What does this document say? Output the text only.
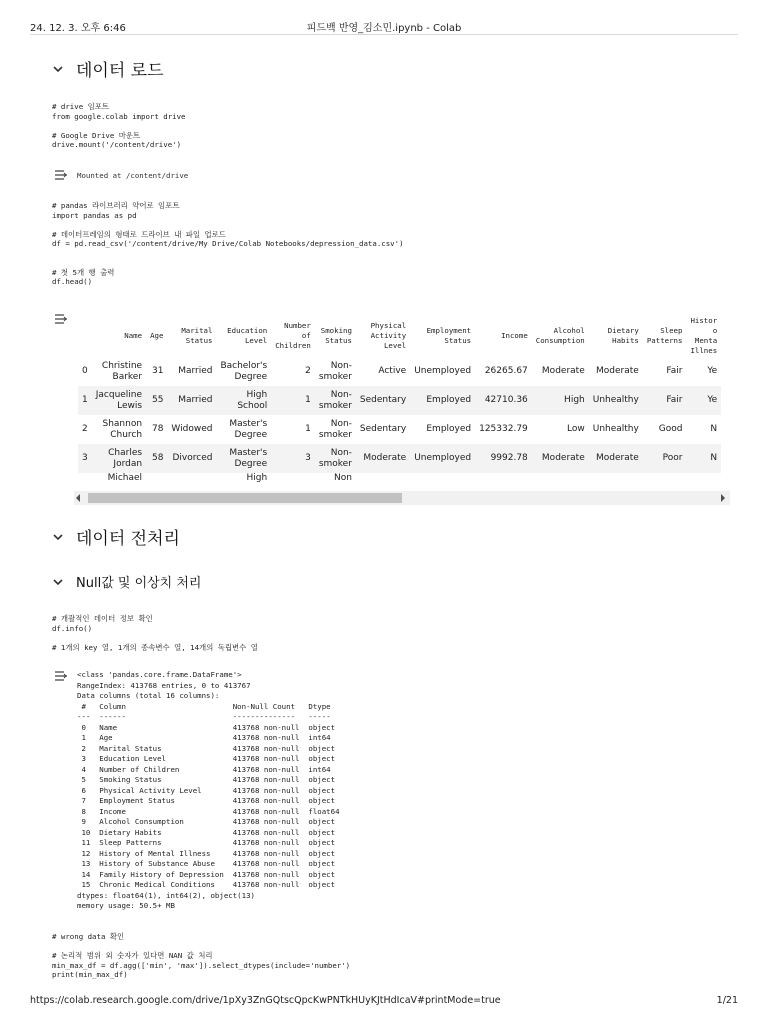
24. 12. 3. 오후 6:46	피드백 반영_김소민.ipynb - Colab
데이터 로드
# drive 임포트
from google.colab import drive

# Google Drive 마운트
drive.mount('/content/drive')
Mounted at /content/drive
# pandas 라이브러리 약어로 임포트
import pandas as pd

# 데이터프레임의 형태로 드라이브 내 파일 업로드
df = pd.read_csv('/content/drive/My Drive/Colab Notebooks/depression_data.csv')

# 첫 5개 행 출력
df.head()
	Name	Age	Marital
Status	Education
Level	Number
of
Children	Smoking
Status	Physical
Activity
Level	Employment
Status	Income	Alcohol
Consumption	Dietary
Habits	Sleep
Patterns	Histor
o
Menta
Illnes
0	Christine
Barker	31	Married	Bachelor's
Degree	2	Non-
smoker	Active	Unemployed	26265.67	Moderate	Moderate	Fair	Ye
1	Jacqueline
Lewis	55	Married	High
School	1	Non-
smoker	Sedentary	Employed	42710.36	High	Unhealthy	Fair	Ye
2	Shannon
Church	78	Widowed	Master's
Degree	1	Non-
smoker	Sedentary	Employed	125332.79	Low	Unhealthy	Good	N
3	Charles
Jordan	58	Divorced	Master's
Degree	3	Non-
smoker	Moderate	Unemployed	9992.78	Moderate	Moderate	Poor	N
	Michael			High		Non							
데이터 전처리
Null값 및 이상치 처리
# 개괄적인 데이터 정보 확인
df.info()

# 1개의 key 열, 1개의 종속변수 열, 14개의 독립변수 열
<class 'pandas.core.frame.DataFrame'>
RangeIndex: 413768 entries, 0 to 413767
Data columns (total 16 columns):
#   Column                        Non-Null Count   Dtype
---  ------                        --------------   -----
0   Name                          413768 non-null  object
1   Age                           413768 non-null  int64
2   Marital Status                413768 non-null  object
3   Education Level               413768 non-null  object
4   Number of Children            413768 non-null  int64
5   Smoking Status                413768 non-null  object
6   Physical Activity Level       413768 non-null  object
7   Employment Status             413768 non-null  object
8   Income                        413768 non-null  float64
9   Alcohol Consumption           413768 non-null  object
10  Dietary Habits                413768 non-null  object
11  Sleep Patterns                413768 non-null  object
12  History of Mental Illness     413768 non-null  object
13  History of Substance Abuse    413768 non-null  object
14  Family History of Depression  413768 non-null  object
15  Chronic Medical Conditions    413768 non-null  object
dtypes: float64(1), int64(2), object(13)
memory usage: 50.5+ MB
# wrong data 확인

# 논리적 범위 외 숫자가 있다면 NAN 값 처리
min_max_df = df.agg(['min', 'max']).select_dtypes(include='number')
print(min_max_df)
https://colab.research.google.com/drive/1pXy3ZnGQtscQpcKwPNTkHUyKJtHdIcaV#printMode=true	1/21
